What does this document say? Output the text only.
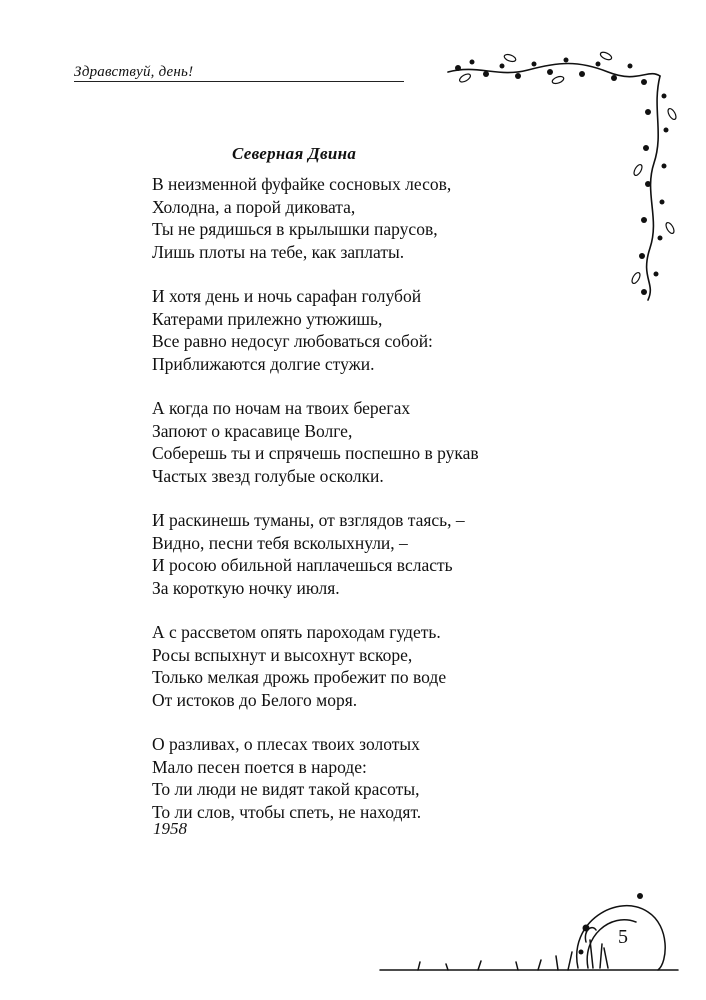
Здравствуй, день!
Северная Двина
В неизменной фуфайке сосновых лесов,
Холодна, а порой диковата,
Ты не рядишься в крылышки парусов,
Лишь плоты на тебе, как заплаты.
И хотя день и ночь сарафан голубой
Катерами прилежно утюжишь,
Все равно недосуг любоваться собой:
Приближаются долгие стужи.
А когда по ночам на твоих берегах
Запоют о красавице Волге,
Соберешь ты и спрячешь поспешно в рукав
Частых звезд голубые осколки.
И раскинешь туманы, от взглядов таясь, –
Видно, песни тебя всколыхнули, –
И росою обильной наплачешься всласть
За короткую ночку июля.
А с рассветом опять пароходам гудеть.
Росы вспыхнут и высохнут вскоре,
Только мелкая дрожь пробежит по воде
От истоков до Белого моря.
О разливах, о плесах твоих золотых
Мало песен поется в народе:
То ли люди не видят такой красоты,
То ли слов, чтобы спеть, не находят.
1958
5
